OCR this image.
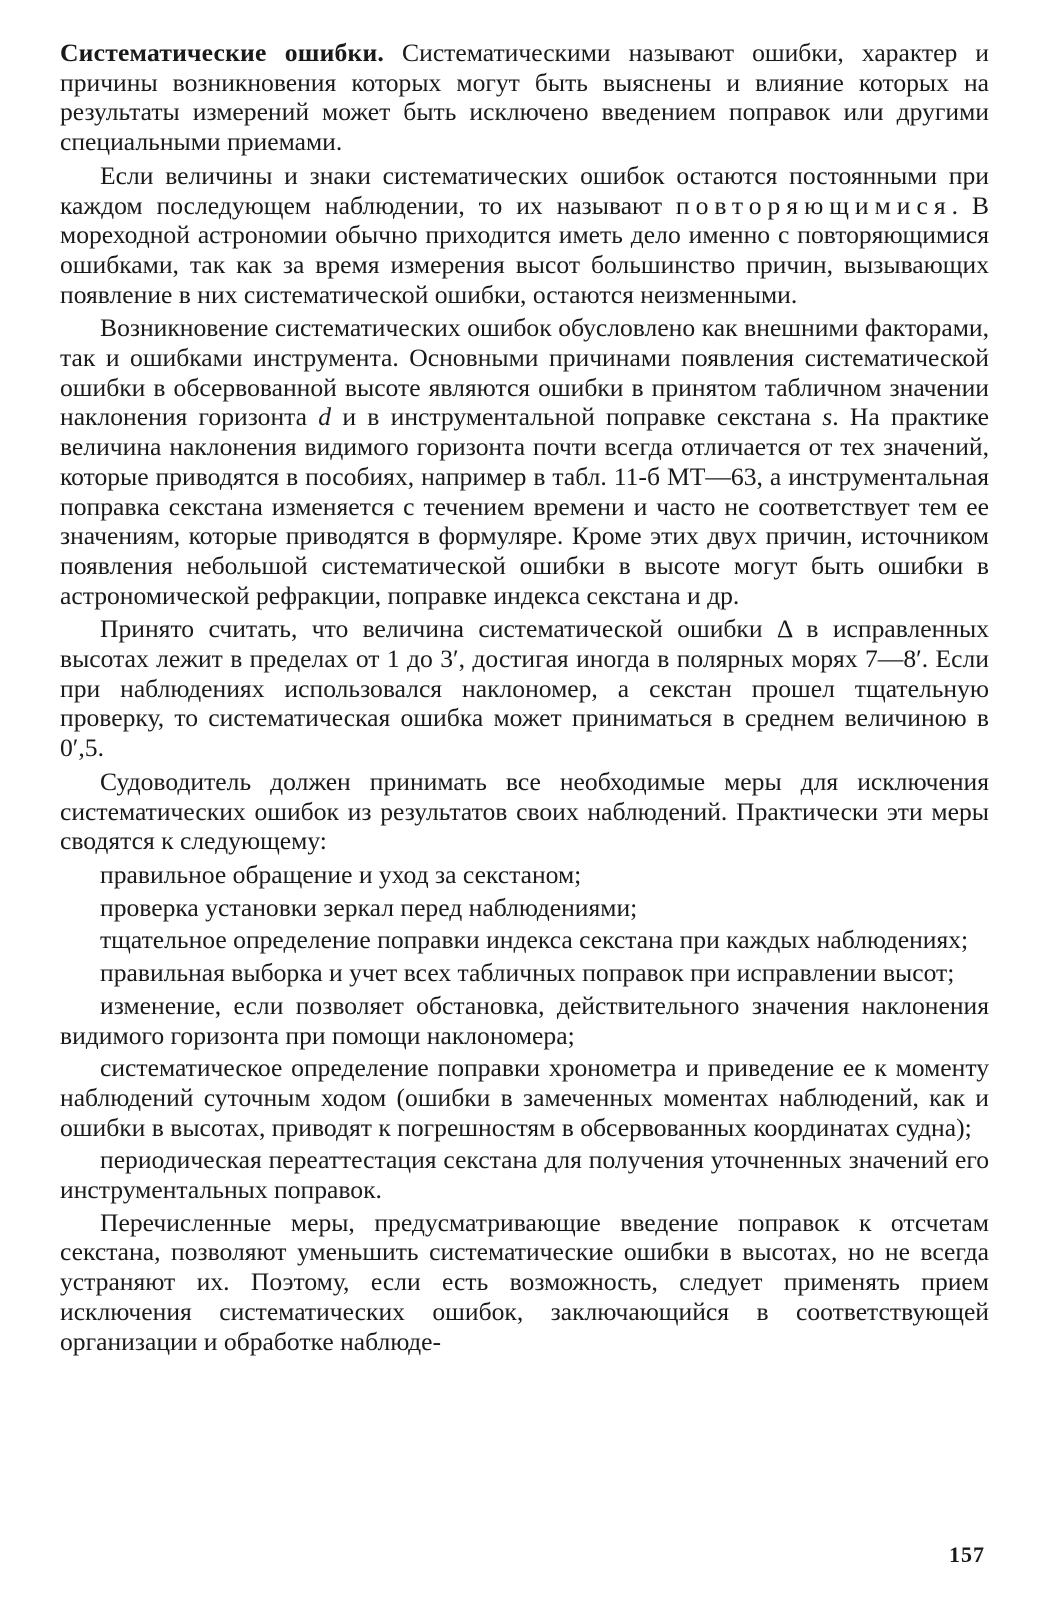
Систематические ошибки. Систематическими называют ошибки, характер и причины возникновения которых могут быть выяснены и влияние которых на результаты измерений может быть исключено введением поправок или другими специальными приемами.

Если величины и знаки систематических ошибок остаются постоянными при каждом последующем наблюдении, то их называют повторяющимися. В мореходной астрономии обычно приходится иметь дело именно с повторяющимися ошибками, так как за время измерения высот большинство причин, вызывающих появление в них систематической ошибки, остаются неизменными.

Возникновение систематических ошибок обусловлено как внешними факторами, так и ошибками инструмента. Основными причинами появления систематической ошибки в обсервованной высоте являются ошибки в принятом табличном значении наклонения горизонта d и в инструментальной поправке секстана s. На практике величина наклонения видимого горизонта почти всегда отличается от тех значений, которые приводятся в пособиях, например в табл. 11-б МТ—63, а инструментальная поправка секстана изменяется с течением времени и часто не соответствует тем ее значениям, которые приводятся в формуляре. Кроме этих двух причин, источником появления небольшой систематической ошибки в высоте могут быть ошибки в астрономической рефракции, поправке индекса секстана и др.

Принято считать, что величина систематической ошибки Δ в исправленных высотах лежит в пределах от 1 до 3′, достигая иногда в полярных морях 7—8′. Если при наблюдениях использовался наклономер, а секстан прошел тщательную проверку, то систематическая ошибка может приниматься в среднем величиною в 0′,5.

Судоводитель должен принимать все необходимые меры для исключения систематических ошибок из результатов своих наблюдений. Практически эти меры сводятся к следующему:

правильное обращение и уход за секстаном;

проверка установки зеркал перед наблюдениями;

тщательное определение поправки индекса секстана при каждых наблюдениях;

правильная выборка и учет всех табличных поправок при исправлении высот;

изменение, если позволяет обстановка, действительного значения наклонения видимого горизонта при помощи наклономера;

систематическое определение поправки хронометра и приведение ее к моменту наблюдений суточным ходом (ошибки в замеченных моментах наблюдений, как и ошибки в высотах, приводят к погрешностям в обсервованных координатах судна);

периодическая переаттестация секстана для получения уточненных значений его инструментальных поправок.

Перечисленные меры, предусматривающие введение поправок к отсчетам секстана, позволяют уменьшить систематические ошибки в высотах, но не всегда устраняют их. Поэтому, если есть возможность, следует применять прием исключения систематических ошибок, заключающийся в соответствующей организации и обработке наблюде-

157
